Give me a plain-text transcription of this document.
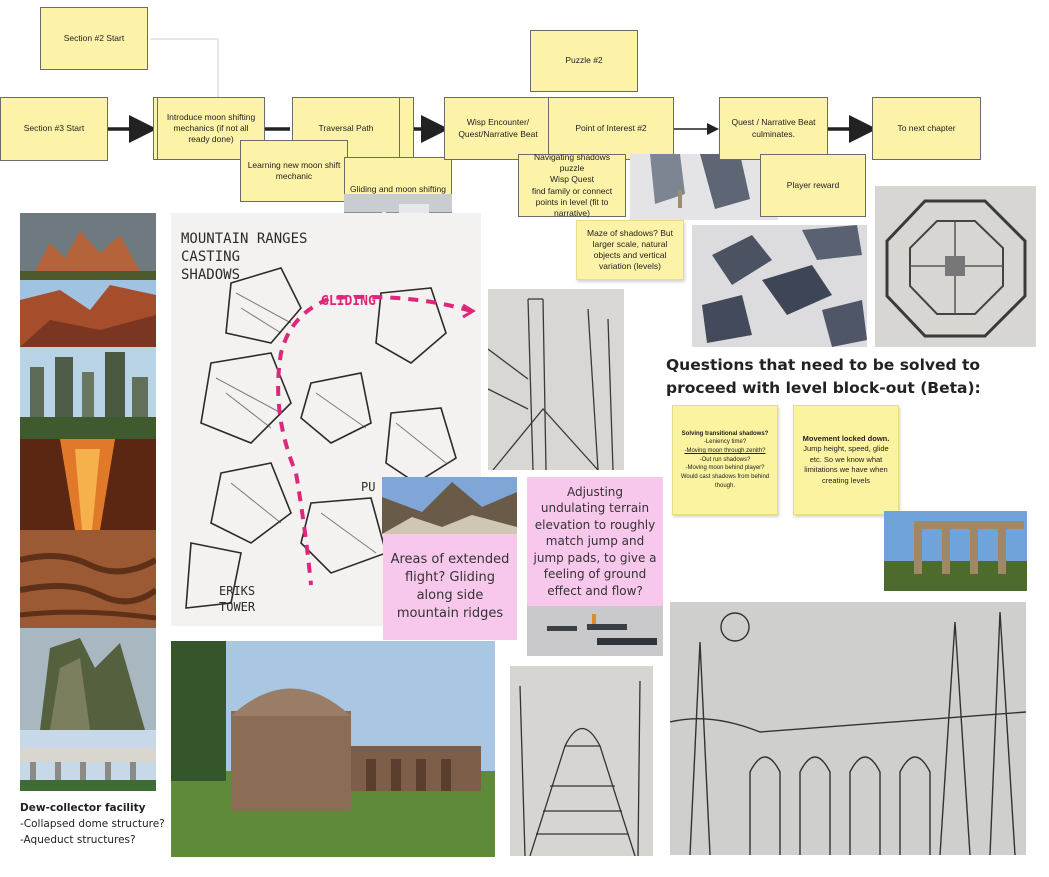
Section #2 Start
Section #3 Start
Introduce moon shifting mechanics (if not all ready done)
Traversal Path
Learning new moon shift mechanic
Gliding and moon shifting
Wisp Encounter/ Quest/Narrative Beat
Puzzle #2
Point of Interest #2
Navigating shadows puzzle
Wisp Quest
find family or connect points in level (fit to narrative)
Maze of shadows? But larger scale, natural objects and vertical variation (levels)
Quest / Narrative Beat culminates.
Player reward
To next chapter
GLIDING
MOUNTAIN RANGES
CASTING
SHADOWS
ERIKS
TOWER
PU
Areas of extended flight? Gliding along side mountain ridges
Adjusting undulating terrain elevation to roughly match jump and jump pads, to give a feeling of ground effect and flow?
Questions that need to be solved to
proceed with level block-out (Beta):
Solving transitional shadows?
-Leniency time?
-Moving moon through zenith?
-Out run shadows?
-Moving moon behind player?
Would cast shadows from behind though.
Movement locked down.
Jump height, speed, glide etc. So we know what limitations we have when creating levels
Dew-collector facility
-Collapsed dome structure?
-Aqueduct structures?
